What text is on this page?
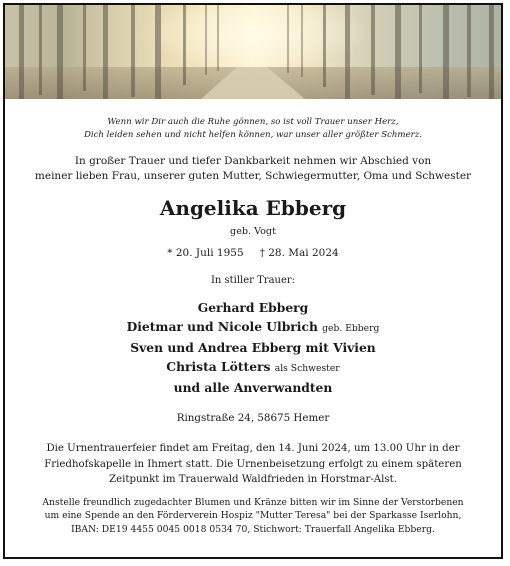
Wenn wir Dir auch die Ruhe gönnen, so ist voll Trauer unser Herz,
Dich leiden sehen und nicht helfen können, war unser aller größter Schmerz.
In großer Trauer und tiefer Dankbarkeit nehmen wir Abschied von
meiner lieben Frau, unserer guten Mutter, Schwiegermutter, Oma und Schwester
Angelika Ebberg
geb. Vogt
* 20. Juli 1955 † 28. Mai 2024
In stiller Trauer:
Gerhard Ebberg
Dietmar und Nicole Ulbrich geb. Ebberg
Sven und Andrea Ebberg mit Vivien
Christa Lötters als Schwester
und alle Anverwandten
Ringstraße 24, 58675 Hemer
Die Urnentrauerfeier findet am Freitag, den 14. Juni 2024, um 13.00 Uhr in der
Friedhofskapelle in Ihmert statt. Die Urnenbeisetzung erfolgt zu einem späteren
Zeitpunkt im Trauerwald Waldfrieden in Horstmar-Alst.
Anstelle freundlich zugedachter Blumen und Kränze bitten wir im Sinne der Verstorbenen
um eine Spende an den Förderverein Hospiz "Mutter Teresa" bei der Sparkasse Iserlohn,
IBAN: DE19 4455 0045 0018 0534 70, Stichwort: Trauerfall Angelika Ebberg.
